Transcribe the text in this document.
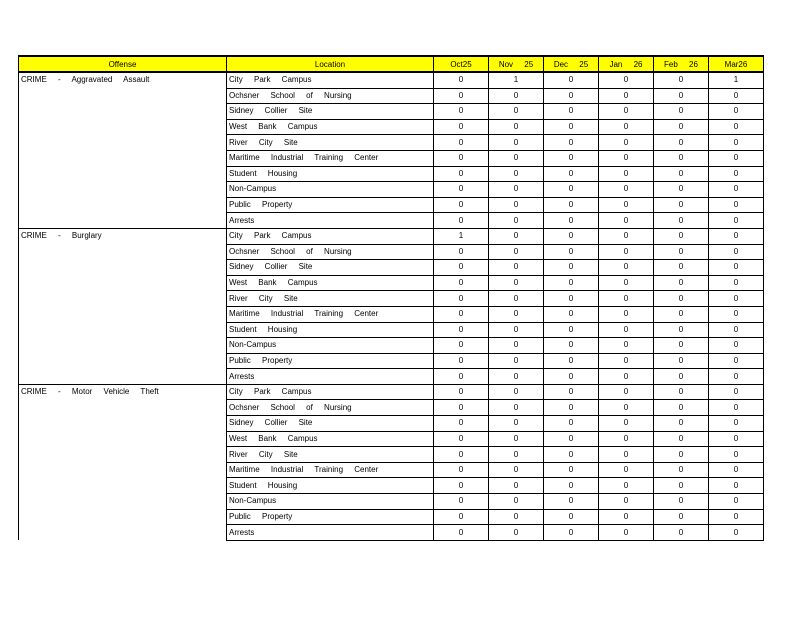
Offense	Location	Oct25	Nov 25	Dec 25	Jan 26	Feb 26	Mar26
CRIME - Aggravated Assault	City Park Campus	0	1	0	0	0	1
	Ochsner School of Nursing	0	0	0	0	0	0
	Sidney Collier Site	0	0	0	0	0	0
	West Bank Campus	0	0	0	0	0	0
	River City Site	0	0	0	0	0	0
	Maritime Industrial Training Center	0	0	0	0	0	0
	Student Housing	0	0	0	0	0	0
	Non-Campus	0	0	0	0	0	0
	Public Property	0	0	0	0	0	0
	Arrests	0	0	0	0	0	0
CRIME - Burglary	City Park Campus	1	0	0	0	0	0
	Ochsner School of Nursing	0	0	0	0	0	0
	Sidney Collier Site	0	0	0	0	0	0
	West Bank Campus	0	0	0	0	0	0
	River City Site	0	0	0	0	0	0
	Maritime Industrial Training Center	0	0	0	0	0	0
	Student Housing	0	0	0	0	0	0
	Non-Campus	0	0	0	0	0	0
	Public Property	0	0	0	0	0	0
	Arrests	0	0	0	0	0	0
CRIME - Motor Vehicle Theft	City Park Campus	0	0	0	0	0	0
	Ochsner School of Nursing	0	0	0	0	0	0
	Sidney Collier Site	0	0	0	0	0	0
	West Bank Campus	0	0	0	0	0	0
	River City Site	0	0	0	0	0	0
	Maritime Industrial Training Center	0	0	0	0	0	0
	Student Housing	0	0	0	0	0	0
	Non-Campus	0	0	0	0	0	0
	Public Property	0	0	0	0	0	0
	Arrests	0	0	0	0	0	0
